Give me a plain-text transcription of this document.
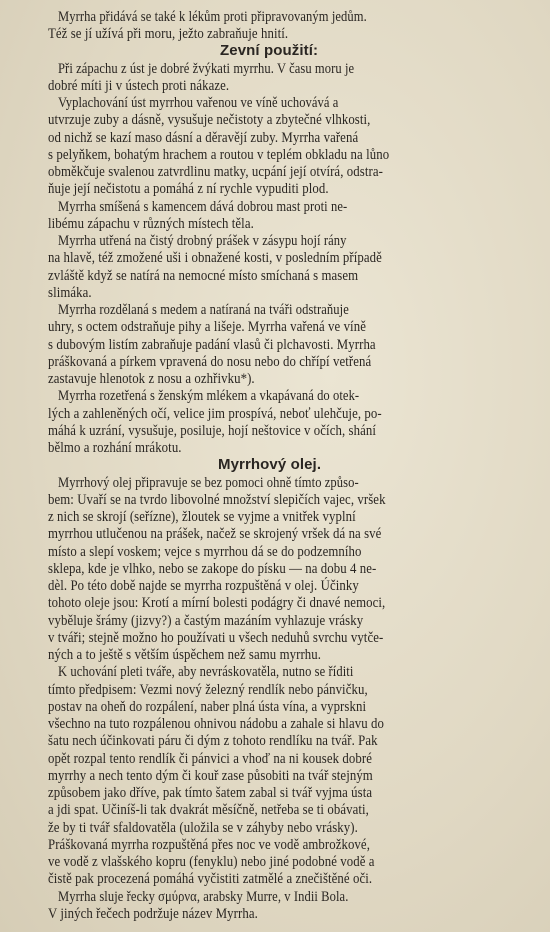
Myrrha přidává se také k lékům proti připravovaným jedům.
Též se jí užívá při moru, ježto zabraňuje hnití.
Zevní použití:
Při zápachu z úst je dobré žvýkati myrrhu. V času moru je
dobré míti ji v ústech proti nákaze.
Vyplachování úst myrrhou vařenou ve víně uchovává a
utvrzuje zuby a dásně, vysušuje nečistoty a zbytečné vlhkosti,
od nichž se kazí maso dásní a děravějí zuby. Myrrha vařená
s pelyňkem, bohatým hrachem a routou v teplém obkladu na lůno
obměkčuje svalenou zatvrdlinu matky, ucpání její otvírá, odstra-
ňuje její nečistotu a pomáhá z ní rychle vypuditi plod.
Myrrha smíšená s kamencem dává dobrou mast proti ne-
libému zápachu v různých místech těla.
Myrrha utřená na čistý drobný prášek v zásypu hojí rány
na hlavě, též zmožené uši i obnažené kosti, v posledním případě
zvláště když se natírá na nemocné místo smíchaná s masem
slimáka.
Myrrha rozdělaná s medem a natíraná na tváři odstraňuje
uhry, s octem odstraňuje pihy a lišeje. Myrrha vařená ve víně
s dubovým listím zabraňuje padání vlasů či plchavosti. Myrrha
práškovaná a pírkem vpravená do nosu nebo do chřípí vetřená
zastavuje hlenotok z nosu a ozhřivku*).
Myrrha rozetřená s ženským mlékem a vkapávaná do otek-
lých a zahleněných očí, velice jim prospívá, neboť ulehčuje, po-
máhá k uzrání, vysušuje, posiluje, hojí neštovice v očích, shání
bělmo a rozhání mrákotu.
Myrrhový olej.
Myrrhový olej připravuje se bez pomoci ohně tímto způso-
bem: Uvaří se na tvrdo libovolné množství slepičích vajec, vršek
z nich se skrojí (seřízne), žloutek se vyjme a vnitřek vyplní
myrrhou utlučenou na prášek, načež se skrojený vršek dá na své
místo a slepí voskem; vejce s myrrhou dá se do podzemního
sklepa, kde je vlhko, nebo se zakope do písku — na dobu 4 ne-
dèl. Po této době najde se myrrha rozpuštěná v olej. Účinky
tohoto oleje jsou: Krotí a mírní bolesti podágry či dnavé nemoci,
vyběluje šrámy (jizvy?) a častým mazáním vyhlazuje vrásky
v tváři; stejně možno ho používati u všech neduhů svrchu vytče-
ných a to ještě s větším úspěchem než samu myrrhu.
K uchování pleti tváře, aby nevráskovatěla, nutno se říditi
tímto předpisem: Vezmi nový železný rendlík nebo pánvičku,
postav na oheň do rozpálení, naber plná ústa vína, a vyprskni
všechno na tuto rozpálenou ohnivou nádobu a zahale si hlavu do
šatu nech účinkovati páru či dým z tohoto rendlíku na tvář. Pak
opět rozpal tento rendlík či pánvici a vhoď na ni kousek dobré
myrrhy a nech tento dým či kouř zase působiti na tvář stejným
způsobem jako dříve, pak tímto šatem zabal si tvář vyjma ústa
a jdi spat. Učiníš-li tak dvakrát měsíčně, netřeba se ti obávati,
že by ti tvář sfaldovatěla (uložila se v záhyby nebo vrásky).
Práškovaná myrrha rozpuštěná přes noc ve vodě ambrožkové,
ve vodě z vlašského kopru (fenyklu) nebo jiné podobné vodě a
čistě pak procezená pomáhá vyčistiti zatmělé a znečištěné oči.
Myrrha sluje řecky σμύρνα, arabsky Murre, v Indii Bola.
V jiných řečech podržuje název Myrrha.
